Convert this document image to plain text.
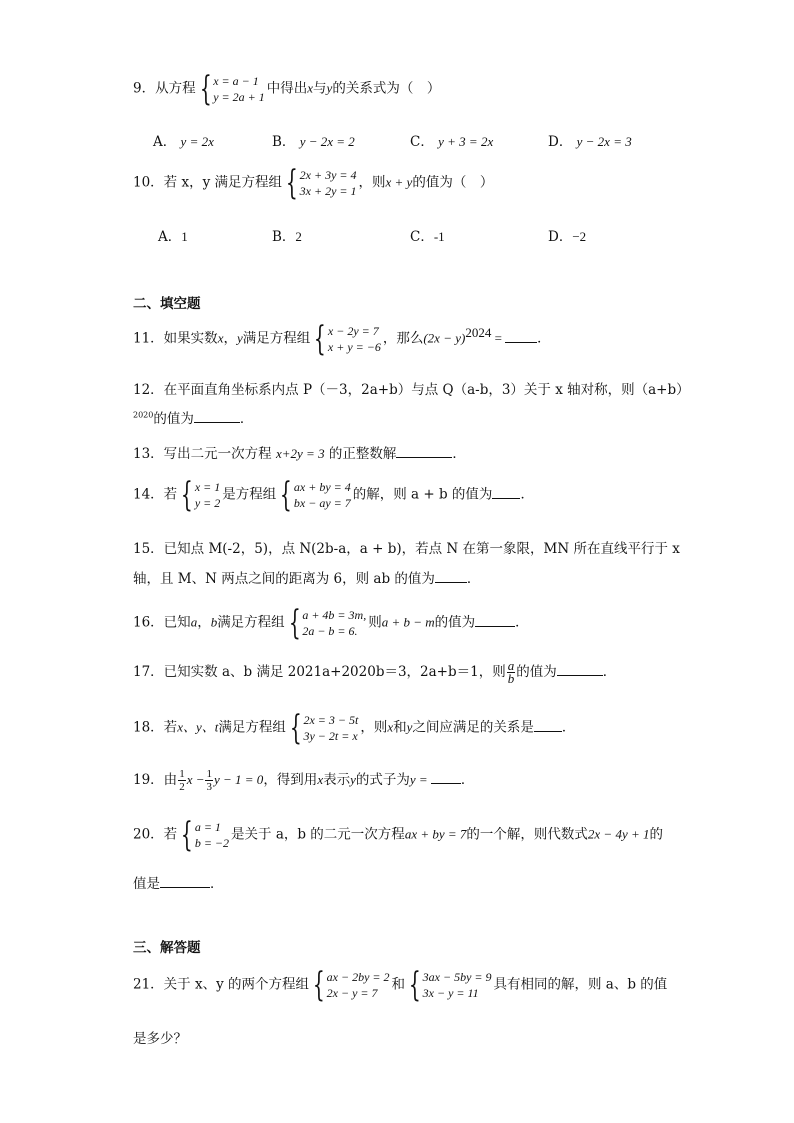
9．从方程 { x = a − 1
y = 2a + 1
中得出x与y的关系式为（　）
A． y = 2x	B． y − 2x = 2	C． y + 3 = 2x	D． y − 2x = 3
10．若 x，y 满足方程组 { 2x + 3y = 4
3x + 2y = 1
，则x + y的值为（　）
A．1	B．2	C．-1	D．−2
二、填空题
11．如果实数x，y满足方程组 { x − 2y = 7
x + y = −6
，那么$(2x - y)^{2024}$ = ．
12．在平面直角坐标系内点 P（－3，2a+b）与点 Q（a-b，3）关于 x 轴对称，则（a+b）
$^{2020}$的值为	．
13．写出二元一次方程 x+2y = 3 的正整数解	．
14．若 { x = 1
y = 2
是方程组 { ax + by = 4
bx − ay = 7
的解，则 a + b 的值为 ．
15．已知点 M(-2，5)，点 N(2b-a，a + b)，若点 N 在第一象限，MN 所在直线平行于 x
轴，且 M、N 两点之间的距离为 6，则 ab 的值为 ．
16．已知a，b满足方程组 { a + 4b = 3m,
2a − b = 6.
则a + b − m的值为	．
17．已知实数 a、b 满足 2021a+2020b＝3，2a+b＝1，则 $\frac{a}{b}$ 的值为	．
18．若x、y、t满足方程组 { 2x = 3 − 5t
3y − 2t = x
，则x和y之间应满足的关系是 ．
19．由 $\frac{1}{2}$ $x - \frac{1}{3}$ y − 1 = 0，得到用x表示y的式子为y = ．
20．若 { a = 1
b = −2
是关于 a，b 的二元一次方程ax + by = 7的一个解，则代数式2x − 4y + 1的
值是	．
三、解答题
21．关于 x、y 的两个方程组 { ax − 2by = 2
2x − y = 7
和 { 3ax − 5by = 9
3x − y = 11
具有相同的解，则 a、b 的值
是多少？
